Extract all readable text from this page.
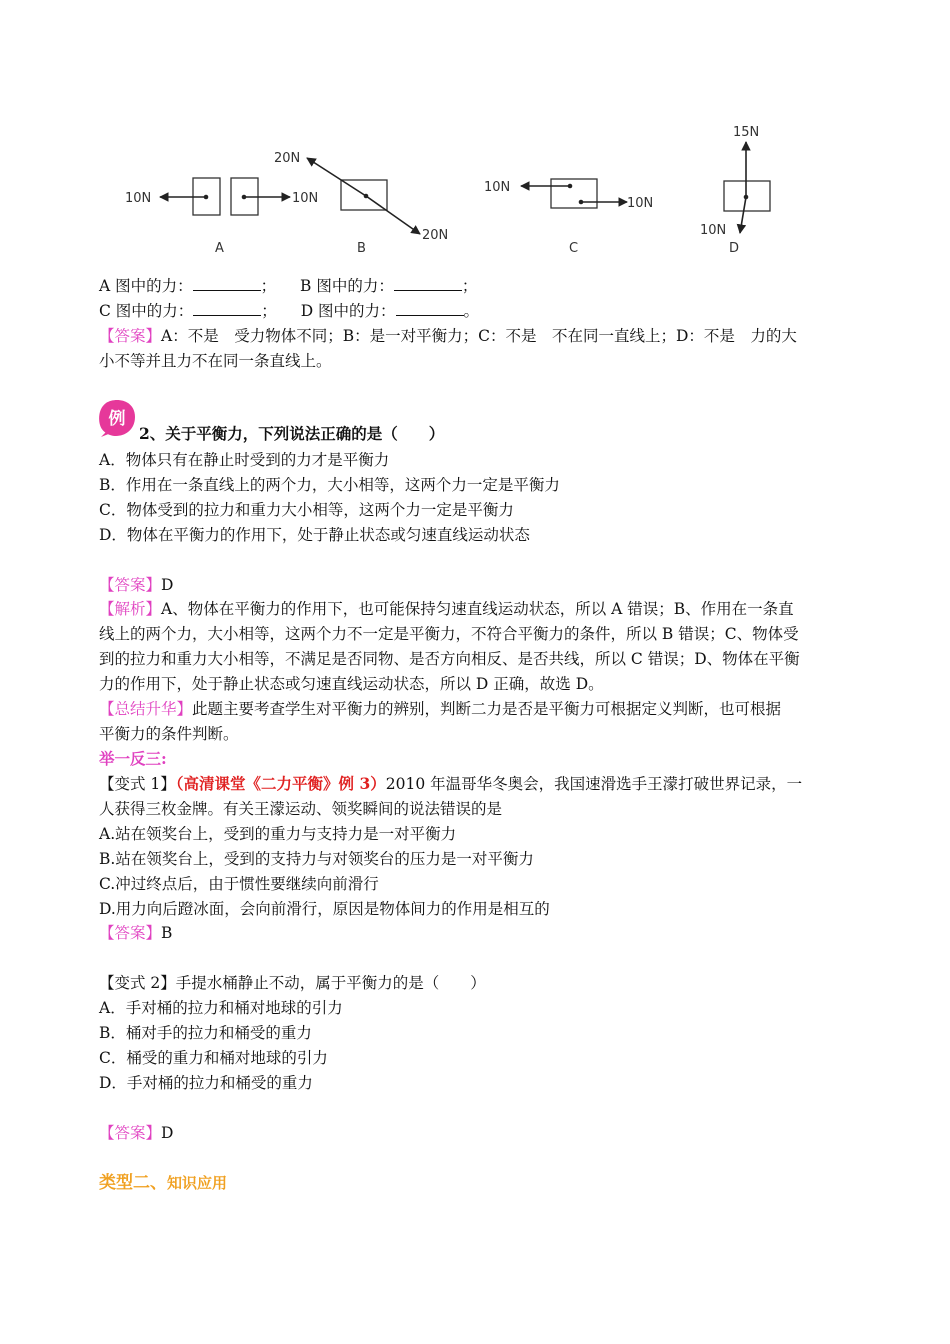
10N	10N
A
20N
20N
B
10N
10N
C
15N
10N
D
A 图中的力：	； B 图中的力：	；
C 图中的力：	； D 图中的力：	。
【答案】A：不是　受力物体不同；B：是一对平衡力；C：不是　不在同一直线上；D：不是　力的大
小不等并且力不在同一条直线上。
例
2、关于平衡力，下列说法正确的是（　　）
A．物体只有在静止时受到的力才是平衡力
B．作用在一条直线上的两个力，大小相等，这两个力一定是平衡力
C．物体受到的拉力和重力大小相等，这两个力一定是平衡力
D．物体在平衡力的作用下，处于静止状态或匀速直线运动状态
【答案】D
【解析】A、物体在平衡力的作用下，也可能保持匀速直线运动状态，所以 A 错误；B、作用在一条直
线上的两个力，大小相等，这两个力不一定是平衡力，不符合平衡力的条件，所以 B 错误；C、物体受
到的拉力和重力大小相等，不满足是否同物、是否方向相反、是否共线，所以 C 错误；D、物体在平衡
力的作用下，处于静止状态或匀速直线运动状态，所以 D 正确，故选 D。
【总结升华】此题主要考查学生对平衡力的辨别，判断二力是否是平衡力可根据定义判断，也可根据
平衡力的条件判断。
举一反三:
【变式 1】（高清课堂《二力平衡》例 3）2010 年温哥华冬奥会，我国速滑选手王濛打破世界记录，一
人获得三枚金牌。有关王濛运动、领奖瞬间的说法错误的是
A.站在领奖台上，受到的重力与支持力是一对平衡力
B.站在领奖台上，受到的支持力与对领奖台的压力是一对平衡力
C.冲过终点后，由于惯性要继续向前滑行
D.用力向后蹬冰面，会向前滑行，原因是物体间力的作用是相互的
【答案】B
【变式 2】手提水桶静止不动，属于平衡力的是（　　）
A．手对桶的拉力和桶对地球的引力
B．桶对手的拉力和桶受的重力
C．桶受的重力和桶对地球的引力
D．手对桶的拉力和桶受的重力
【答案】D
类型二、知识应用
